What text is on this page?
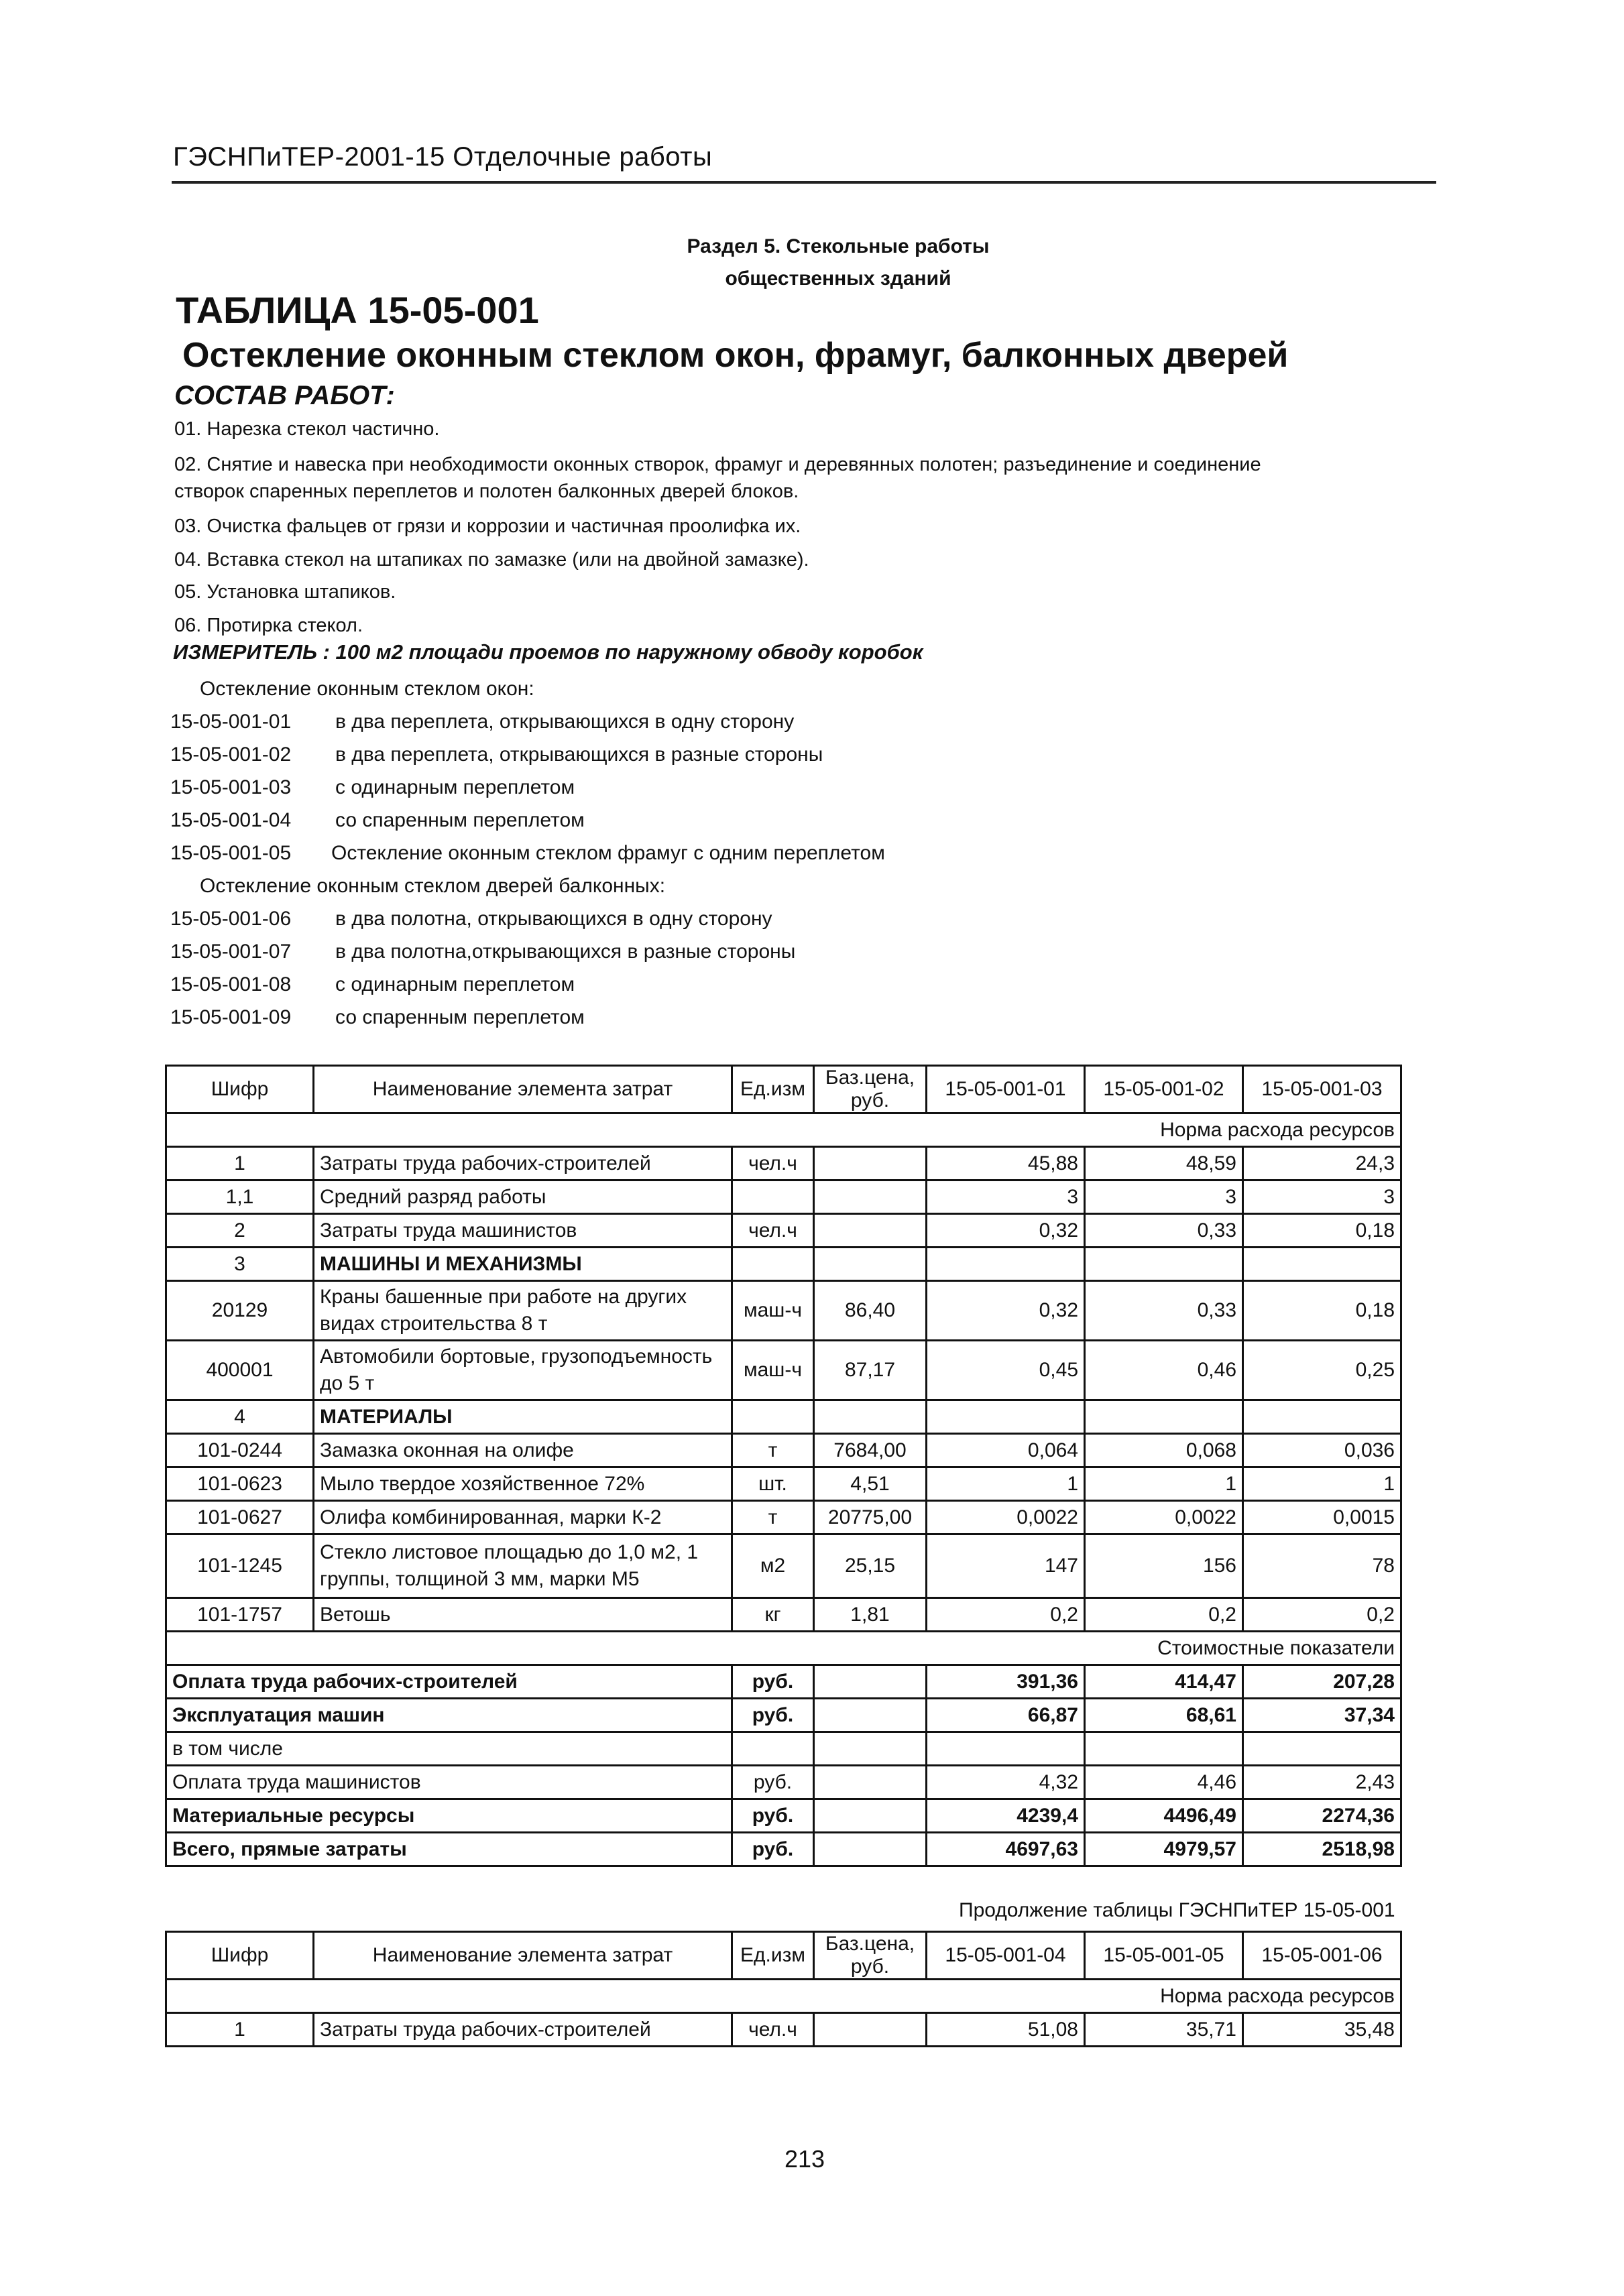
ГЭСНПиТЕР-2001-15 Отделочные работы
Раздел 5. Стекольные работы
общественных зданий
ТАБЛИЦА 15-05-001
Остекление оконным стеклом окон, фрамуг, балконных дверей
СОСТАВ РАБОТ:
01. Нарезка стекол частично.
02. Снятие и навеска при необходимости оконных створок, фрамуг и деревянных полотен; разъединение и соединение
створок спаренных переплетов и полотен балконных дверей блоков.
03. Очистка фальцев от грязи и коррозии и частичная проолифка их.
04. Вставка стекол на штапиках по замазке (или на двойной замазке).
05. Установка штапиков.
06. Протирка стекол.
ИЗМЕРИТЕЛЬ : 100 м2 площади проемов по наружному обводу коробок
Остекление оконным стеклом окон:
15-05-001-01 в два переплета, открывающихся в одну сторону
15-05-001-02 в два переплета, открывающихся в разные стороны
15-05-001-03 с одинарным переплетом
15-05-001-04 со спаренным переплетом
15-05-001-05 Остекление оконным стеклом фрамуг с одним переплетом
Остекление оконным стеклом дверей балконных:
15-05-001-06 в два полотна, открывающихся в одну сторону
15-05-001-07 в два полотна,открывающихся в разные стороны
15-05-001-08 с одинарным переплетом
15-05-001-09 со спаренным переплетом
Шифр	Наименование элемента затрат	Ед.изм	Баз.цена, руб.	15-05-001-01	15-05-001-02	15-05-001-03
Норма расхода ресурсов						
1	Затраты труда рабочих-строителей	чел.ч		45,88	48,59	24,3
1,1	Средний разряд работы			3	3	3
2	Затраты труда машинистов	чел.ч		0,32	0,33	0,18
3	МАШИНЫ И МЕХАНИЗМЫ					
20129	Краны башенные при работе на других видах строительства 8 т	маш-ч	86,40	0,32	0,33	0,18
400001	Автомобили бортовые, грузоподъемность до 5 т	маш-ч	87,17	0,45	0,46	0,25
4	МАТЕРИАЛЫ					
101-0244	Замазка оконная на олифе	т	7684,00	0,064	0,068	0,036
101-0623	Мыло твердое хозяйственное 72%	шт.	4,51	1	1	1
101-0627	Олифа комбинированная, марки К-2	т	20775,00	0,0022	0,0022	0,0015
101-1245	Стекло листовое площадью до 1,0 м2, 1 группы, толщиной 3 мм, марки М5	м2	25,15	147	156	78
101-1757	Ветошь	кг	1,81	0,2	0,2	0,2
Стоимостные показатели						
Оплата труда рабочих-строителей		руб.		391,36	414,47	207,28
Эксплуатация машин		руб.		66,87	68,61	37,34
в том числе						
Оплата труда машинистов		руб.		4,32	4,46	2,43
Материальные ресурсы		руб.		4239,4	4496,49	2274,36
Всего, прямые затраты		руб.		4697,63	4979,57	2518,98
Продолжение таблицы ГЭСНПиТЕР 15-05-001
Шифр	Наименование элемента затрат	Ед.изм	Баз.цена, руб.	15-05-001-04	15-05-001-05	15-05-001-06
Норма расхода ресурсов						
1	Затраты труда рабочих-строителей	чел.ч		51,08	35,71	35,48
213
